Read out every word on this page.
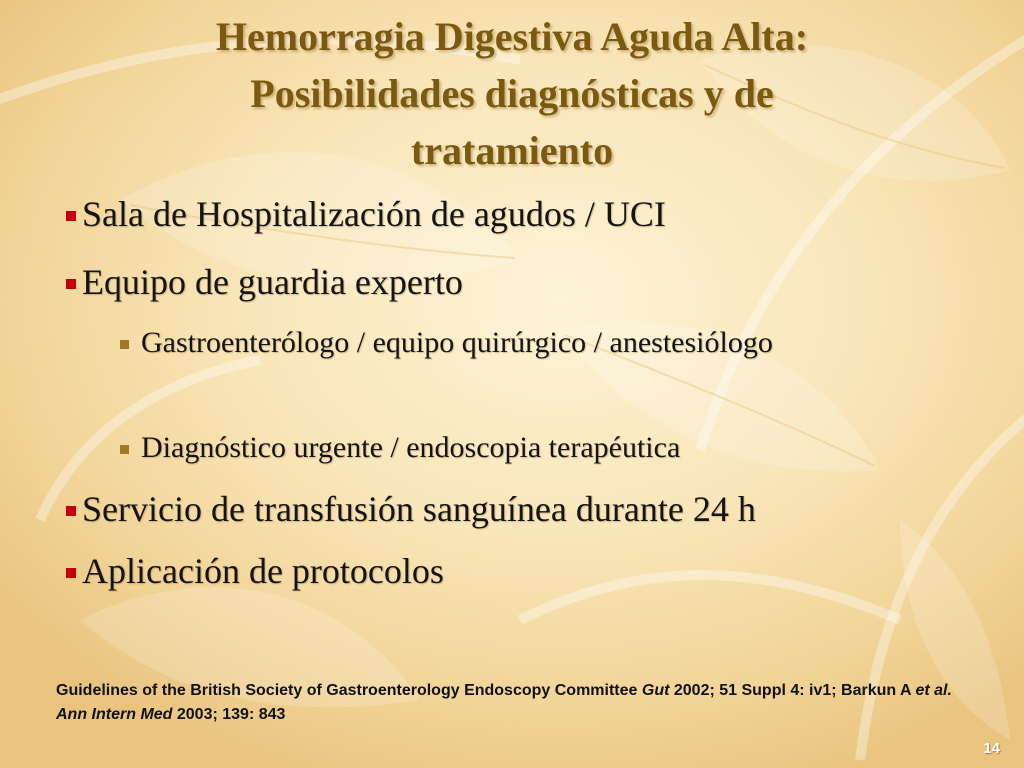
Hemorragia Digestiva Aguda Alta:
Posibilidades diagnósticas y de
tratamiento
Sala de Hospitalización de agudos / UCI
Equipo de guardia experto
Gastroenterólogo / equipo quirúrgico / anestesiólogo
Diagnóstico urgente / endoscopia terapéutica
Servicio de transfusión sanguínea durante 24 h
Aplicación de protocolos

Guidelines of the British Society of Gastroenterology Endoscopy Committee Gut 2002; 51 Suppl 4: iv1; Barkun A et al. Ann Intern Med 2003; 139: 843

14
